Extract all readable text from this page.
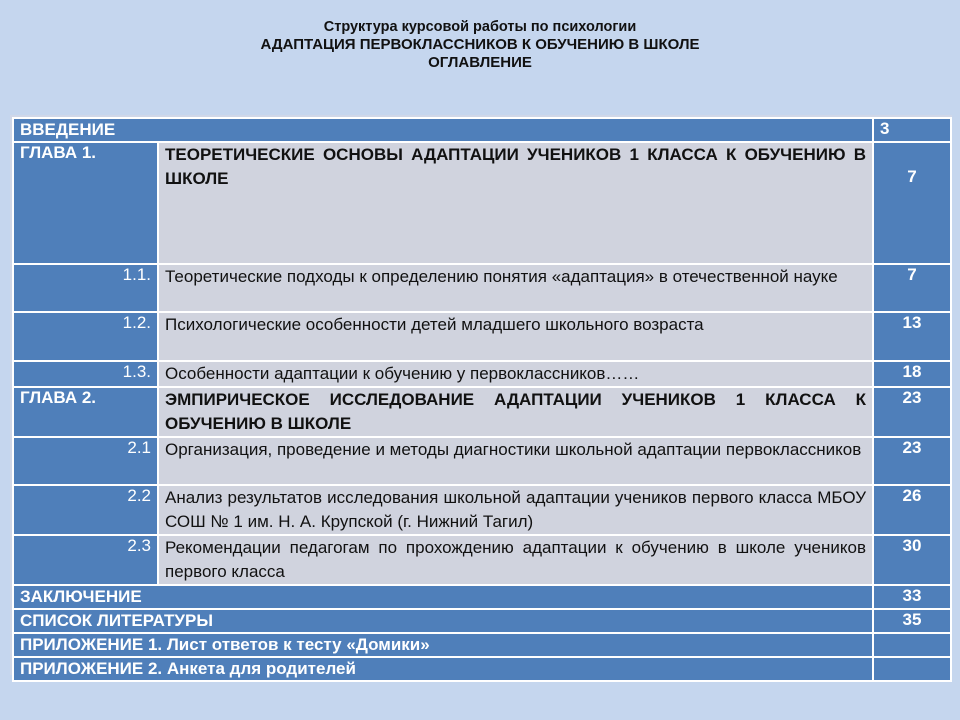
Структура курсовой работы по психологии
АДАПТАЦИЯ ПЕРВОКЛАССНИКОВ К ОБУЧЕНИЮ В ШКОЛЕ
ОГЛАВЛЕНИЕ
ВВЕДЕНИЕ		3
ГЛАВА 1.	ТЕОРЕТИЧЕСКИЕ ОСНОВЫ АДАПТАЦИИ УЧЕНИКОВ 1 КЛАССА К ОБУЧЕНИЮ В ШКОЛЕ	7
1.1.	Теоретические подходы к определению понятия «адаптация» в отечественной науке	7
1.2.	Психологические особенности детей младшего школьного возраста	13
1.3.	Особенности адаптации к обучению у первоклассников……	18
ГЛАВА 2.	ЭМПИРИЧЕСКОЕ ИССЛЕДОВАНИЕ АДАПТАЦИИ УЧЕНИКОВ 1 КЛАССА К ОБУЧЕНИЮ В ШКОЛЕ	23
2.1	Организация, проведение и методы диагностики школьной адаптации первоклассников	23
2.2	Анализ результатов исследования школьной адаптации учеников первого класса МБОУ СОШ № 1 им. Н. А. Крупской (г. Нижний Тагил)	26
2.3	Рекомендации педагогам по прохождению адаптации к обучению в школе учеников первого класса	30
ЗАКЛЮЧЕНИЕ		33
СПИСОК ЛИТЕРАТУРЫ		35
ПРИЛОЖЕНИЕ 1. Лист ответов к тесту «Домики»		
ПРИЛОЖЕНИЕ 2. Анкета для родителей		
